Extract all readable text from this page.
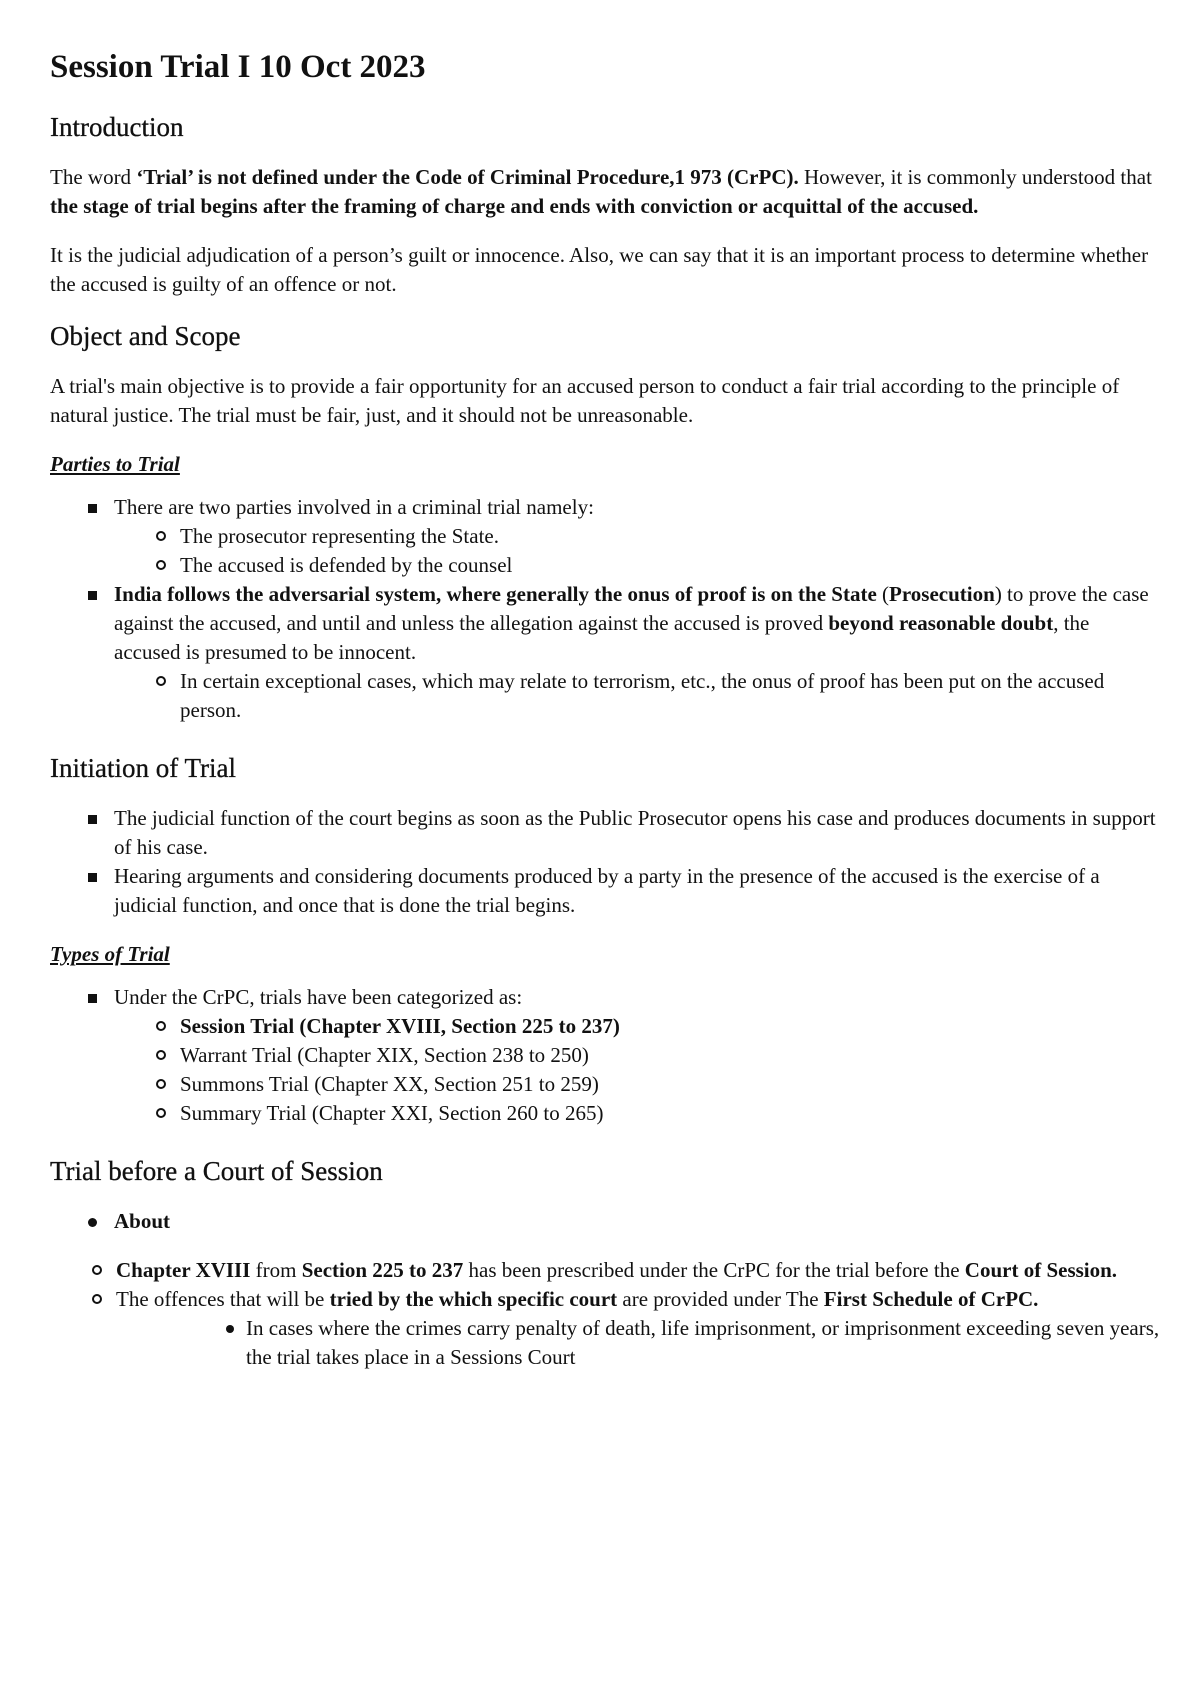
Session Trial I 10 Oct 2023
Introduction

The word ‘Trial’ is not defined under the Code of Criminal Procedure,1 973 (CrPC). However, it is commonly understood that the stage of trial begins after the framing of charge and ends with conviction or acquittal of the accused.

It is the judicial adjudication of a person’s guilt or innocence. Also, we can say that it is an important process to determine whether the accused is guilty of an offence or not.

Object and Scope

A trial's main objective is to provide a fair opportunity for an accused person to conduct a fair trial according to the principle of natural justice. The trial must be fair, just, and it should not be unreasonable.

Parties to Trial
There are two parties involved in a criminal trial namely:
The prosecutor representing the State.
The accused is defended by the counsel
India follows the adversarial system, where generally the onus of proof is on the State (Prosecution) to prove the case against the accused, and until and unless the allegation against the accused is proved beyond reasonable doubt, the accused is presumed to be innocent.
In certain exceptional cases, which may relate to terrorism, etc., the onus of proof has been put on the accused person.
Initiation of Trial
The judicial function of the court begins as soon as the Public Prosecutor opens his case and produces documents in support of his case.
Hearing arguments and considering documents produced by a party in the presence of the accused is the exercise of a judicial function, and once that is done the trial begins.
Types of Trial
Under the CrPC, trials have been categorized as:
Session Trial (Chapter XVIII, Section 225 to 237)
Warrant Trial (Chapter XIX, Section 238 to 250)
Summons Trial (Chapter XX, Section 251 to 259)
Summary Trial (Chapter XXI, Section 260 to 265)
Trial before a Court of Session
About
Chapter XVIII from Section 225 to 237 has been prescribed under the CrPC for the trial before the Court of Session.
The offences that will be tried by the which specific court are provided under The First Schedule of CrPC.
In cases where the crimes carry penalty of death, life imprisonment, or imprisonment exceeding seven years, the trial takes place in a Sessions Court
